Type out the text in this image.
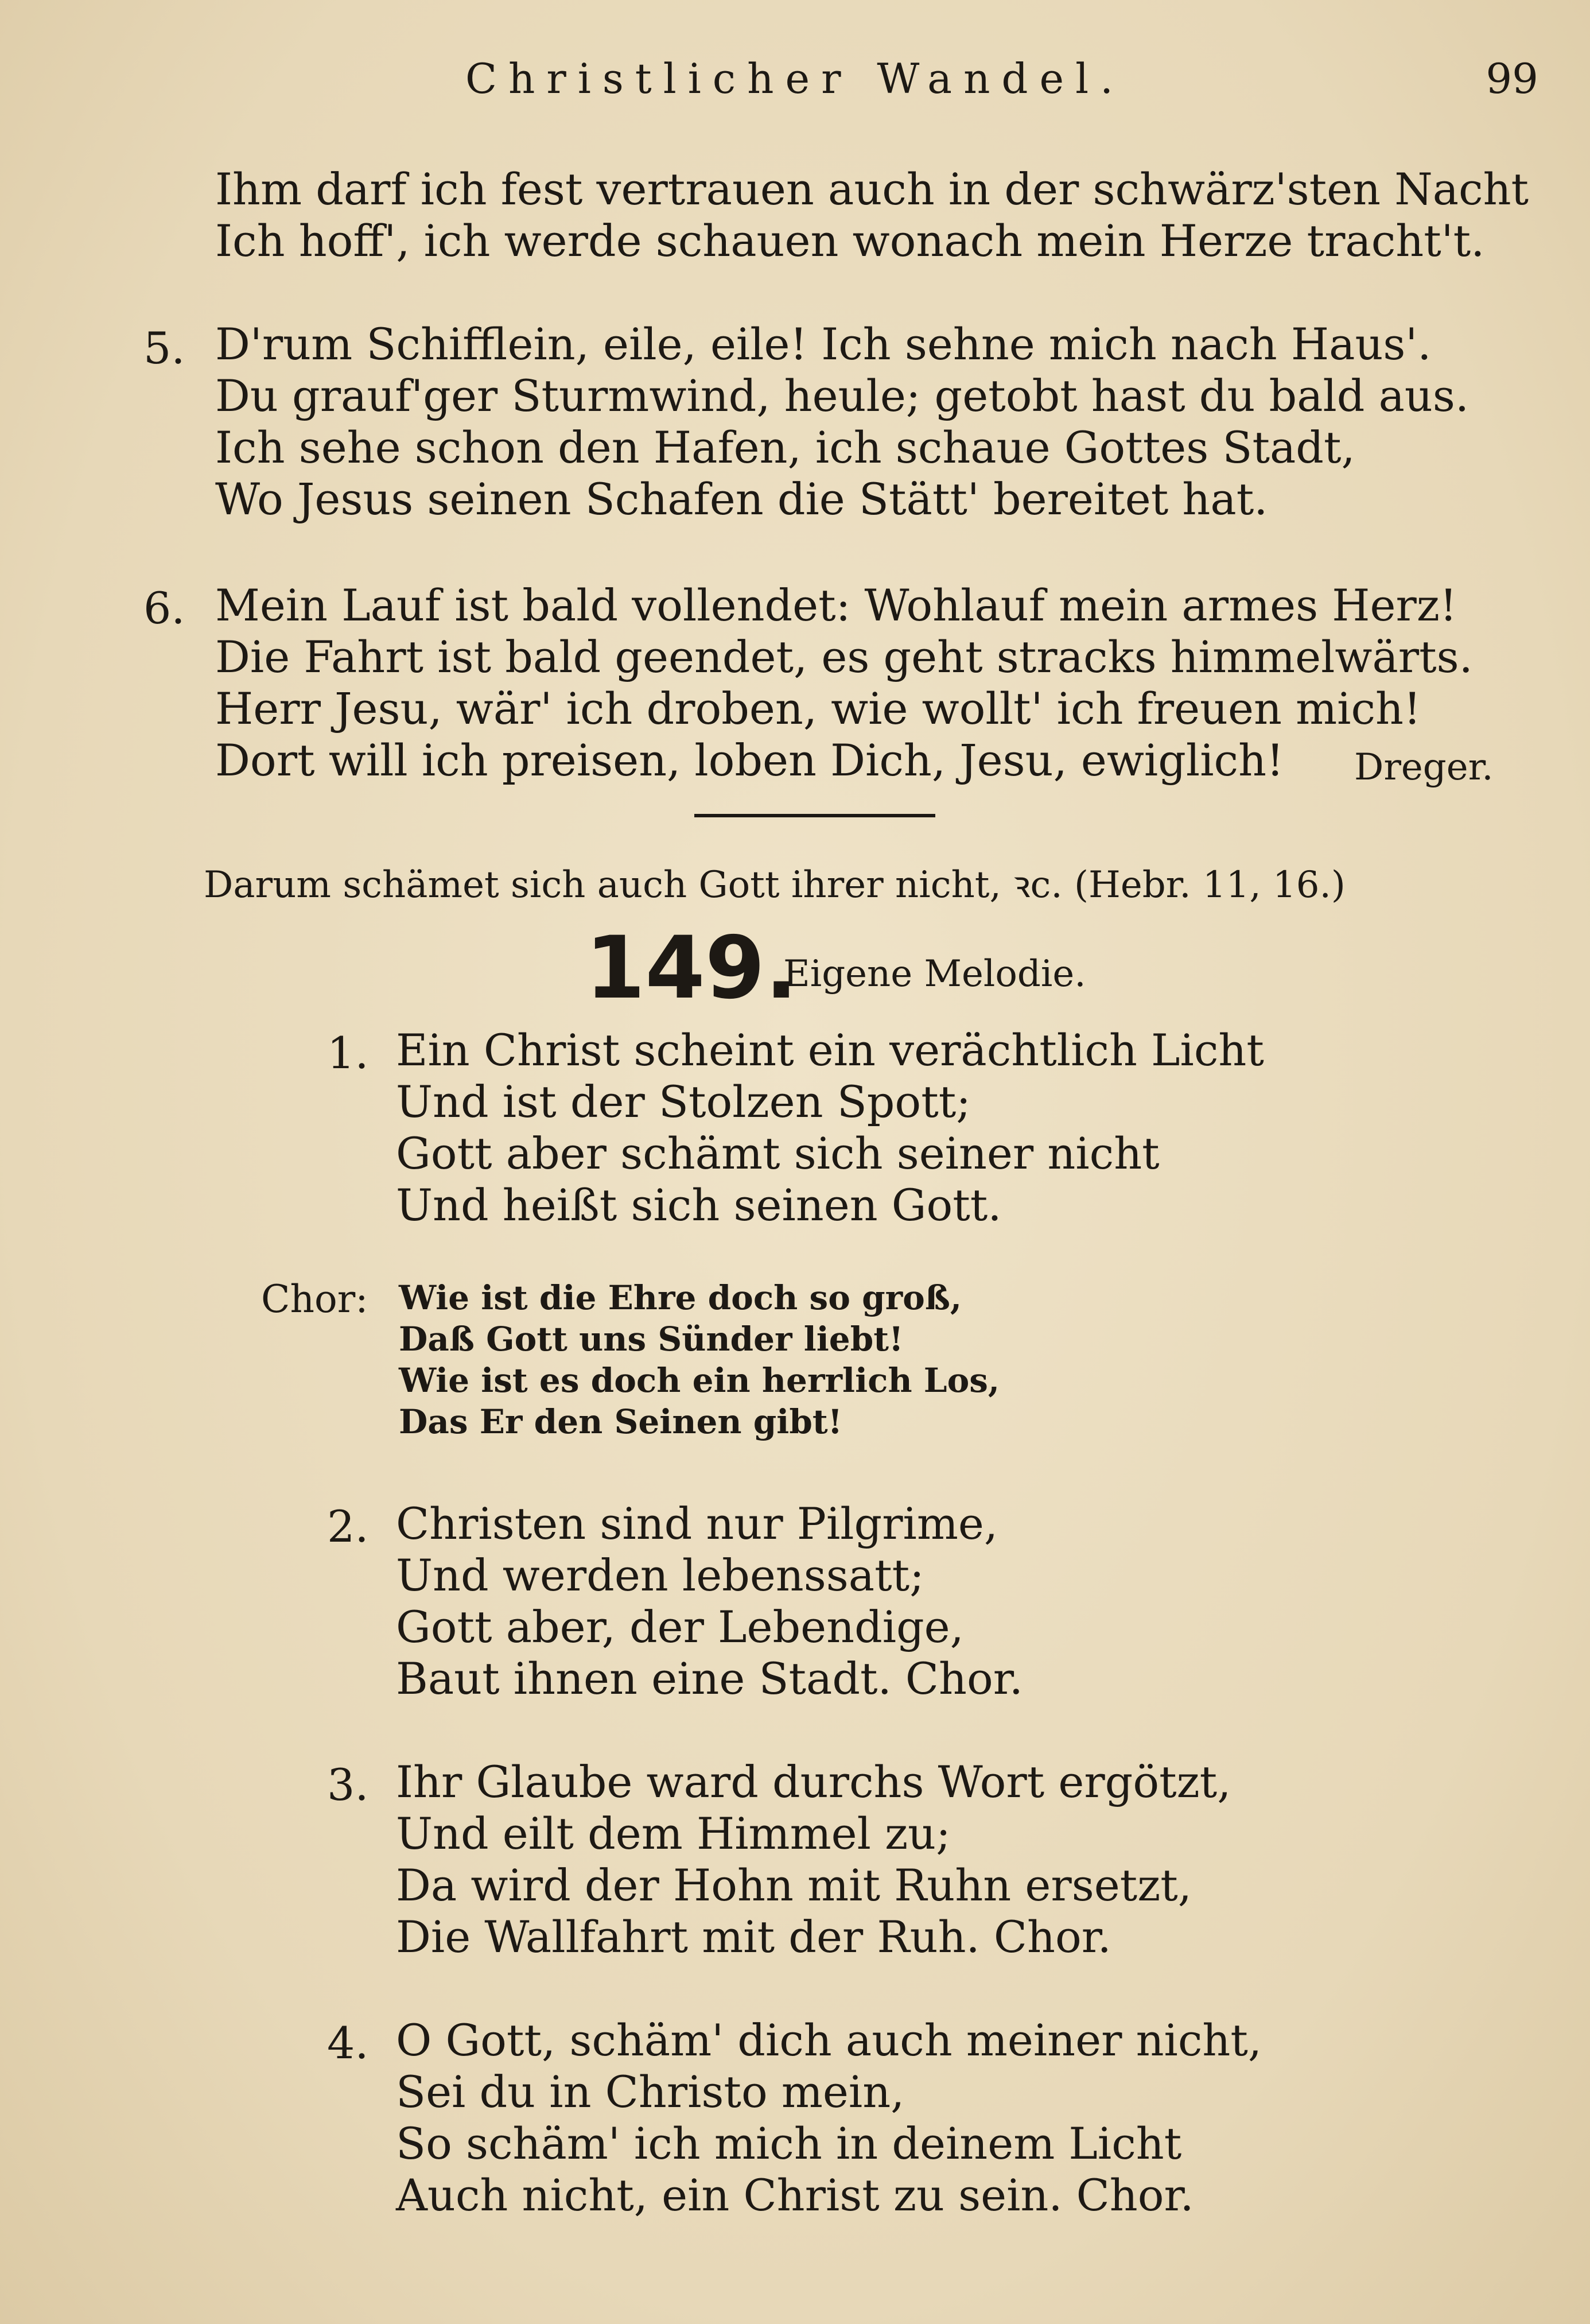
Christlicher Wandel.	99
Ihm darf ich fest vertrauen auch in der schwärz'sten Nacht
Ich hoff', ich werde schauen wonach mein Herze tracht't.
5. D'rum Schifflein, eile, eile! Ich sehne mich nach Haus'.
Du grauf'ger Sturmwind, heule; getobt hast du bald aus.
Ich sehe schon den Hafen, ich schaue Gottes Stadt,
Wo Jesus seinen Schafen die Stätt' bereitet hat.
6. Mein Lauf ist bald vollendet: Wohlauf mein armes Herz!
Die Fahrt ist bald geendet, es geht stracks himmelwärts.
Herr Jesu, wär' ich droben, wie wollt' ich freuen mich!
Dort will ich preisen, loben Dich, Jesu, ewiglich!	Dreger.
Darum schämet sich auch Gott ihrer nicht, ꝛc. (Hebr. 11, 16.)
149.
Eigene Melodie.
1. Ein Christ scheint ein verächtlich Licht
Und ist der Stolzen Spott;
Gott aber schämt sich seiner nicht
Und heißt sich seinen Gott.
Chor: Wie ist die Ehre doch so groß,
Daß Gott uns Sünder liebt!
Wie ist es doch ein herrlich Los,
Das Er den Seinen gibt!
2. Christen sind nur Pilgrime,
Und werden lebenssatt;
Gott aber, der Lebendige,
Baut ihnen eine Stadt. Chor.
3. Ihr Glaube ward durchs Wort ergötzt,
Und eilt dem Himmel zu;
Da wird der Hohn mit Ruhn ersetzt,
Die Wallfahrt mit der Ruh. Chor.
4. O Gott, schäm' dich auch meiner nicht,
Sei du in Christo mein,
So schäm' ich mich in deinem Licht
Auch nicht, ein Christ zu sein. Chor.
